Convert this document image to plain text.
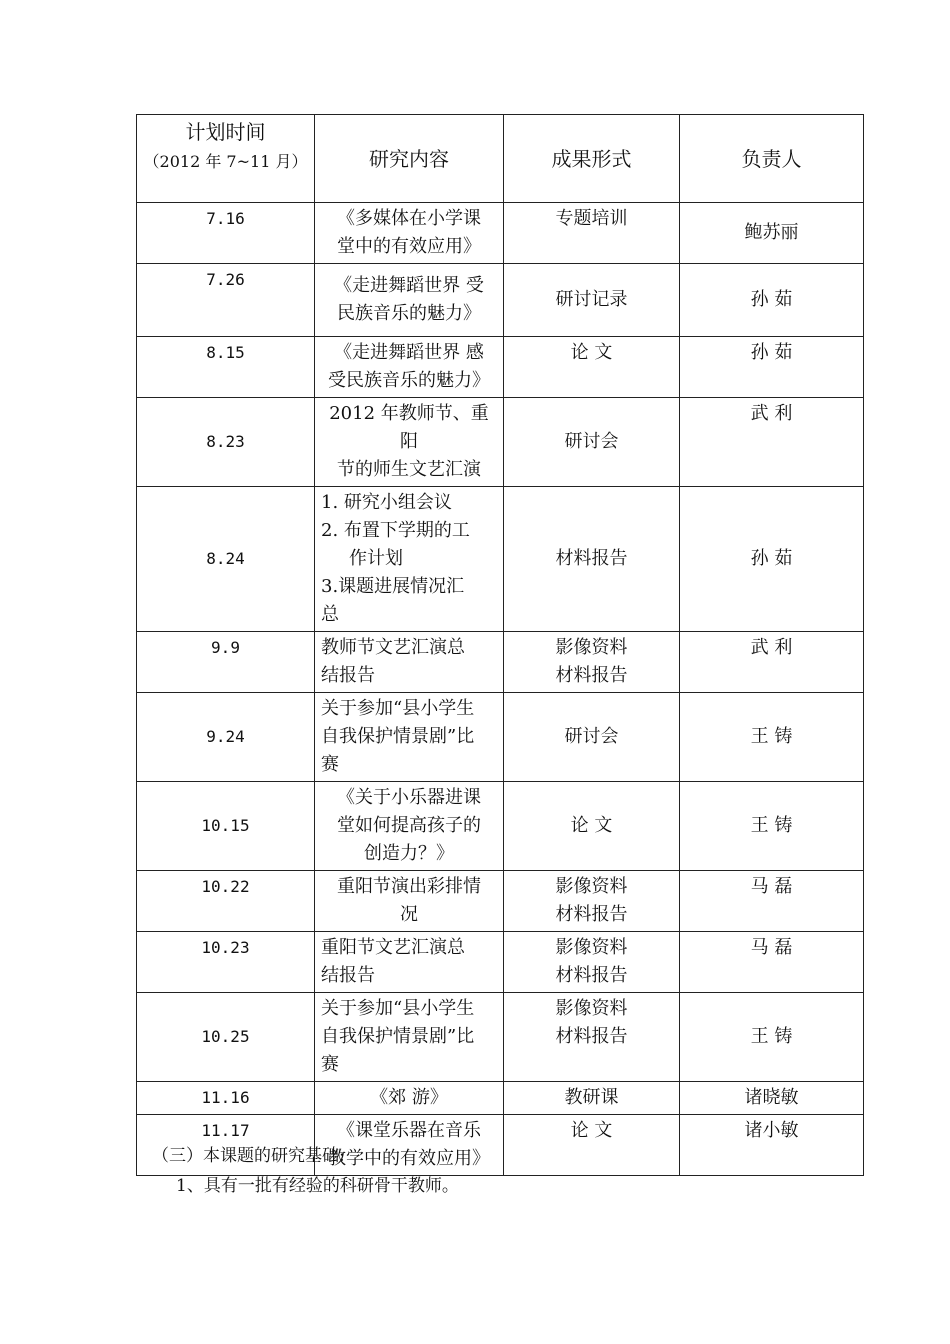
计划时间
（2012 年 7~11 月）	研究内容	成果形式	负责人
7.16	《多媒体在小学课
堂中的有效应用》	专题培训	鲍苏丽
7.26	《走进舞蹈世界 受
民族音乐的魅力》	研讨记录	孙 茹
8.15	《走进舞蹈世界 感
受民族音乐的魅力》	论 文	孙 茹
8.23	2012 年教师节、重阳
节的师生文艺汇演	研讨会	武 利
8.24	1. 研究小组会议
2. 布置下学期的工
作计划
3.课题进展情况汇
总	材料报告	孙 茹
9.9	教师节文艺汇演总
结报告	影像资料
材料报告	武 利
9.24	关于参加“县小学生
自我保护情景剧”比
赛	研讨会	王 铸
10.15	《关于小乐器进课
堂如何提高孩子的
创造力？》	论 文	王 铸
10.22	重阳节演出彩排情
况	影像资料
材料报告	马 磊
10.23	重阳节文艺汇演总
结报告	影像资料
材料报告	马 磊
10.25	关于参加“县小学生
自我保护情景剧”比
赛	影像资料
材料报告	王 铸
11.16	《郊 游》	教研课	诸晓敏
11.17	《课堂乐器在音乐
教学中的有效应用》	论 文	诸小敏
（三）本课题的研究基础:
1、具有一批有经验的科研骨干教师。
